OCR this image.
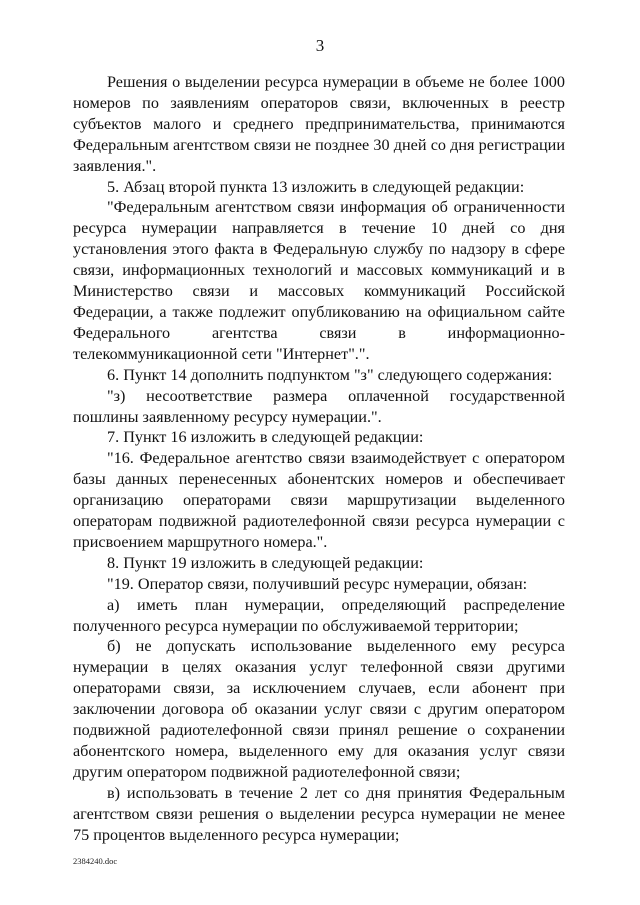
3

Решения о выделении ресурса нумерации в объеме не более 1000 номеров по заявлениям операторов связи, включенных в реестр субъектов малого и среднего предпринимательства, принимаются Федеральным агентством связи не позднее 30 дней со дня регистрации заявления.".

5. Абзац второй пункта 13 изложить в следующей редакции:

"Федеральным агентством связи информация об ограниченности ресурса нумерации направляется в течение 10 дней со дня установления этого факта в Федеральную службу по надзору в сфере связи, информационных технологий и массовых коммуникаций и в Министерство связи и массовых коммуникаций Российской Федерации, а также подлежит опубликованию на официальном сайте Федерального агентства связи в информационно-телекоммуникационной сети "Интернет".".

6. Пункт 14 дополнить подпунктом "з" следующего содержания:

"з) несоответствие размера оплаченной государственной пошлины заявленному ресурсу нумерации.".

7. Пункт 16 изложить в следующей редакции:

"16. Федеральное агентство связи взаимодействует с оператором базы данных перенесенных абонентских номеров и обеспечивает организацию операторами связи маршрутизации выделенного операторам подвижной радиотелефонной связи ресурса нумерации с присвоением маршрутного номера.".

8. Пункт 19 изложить в следующей редакции:

"19. Оператор связи, получивший ресурс нумерации, обязан:

а) иметь план нумерации, определяющий распределение полученного ресурса нумерации по обслуживаемой территории;

б) не допускать использование выделенного ему ресурса нумерации в целях оказания услуг телефонной связи другими операторами связи, за исключением случаев, если абонент при заключении договора об оказании услуг связи с другим оператором подвижной радиотелефонной связи принял решение о сохранении абонентского номера, выделенного ему для оказания услуг связи другим оператором подвижной радиотелефонной связи;

в) использовать в течение 2 лет со дня принятия Федеральным агентством связи решения о выделении ресурса нумерации не менее 75 процентов выделенного ресурса нумерации;

2384240.doc
